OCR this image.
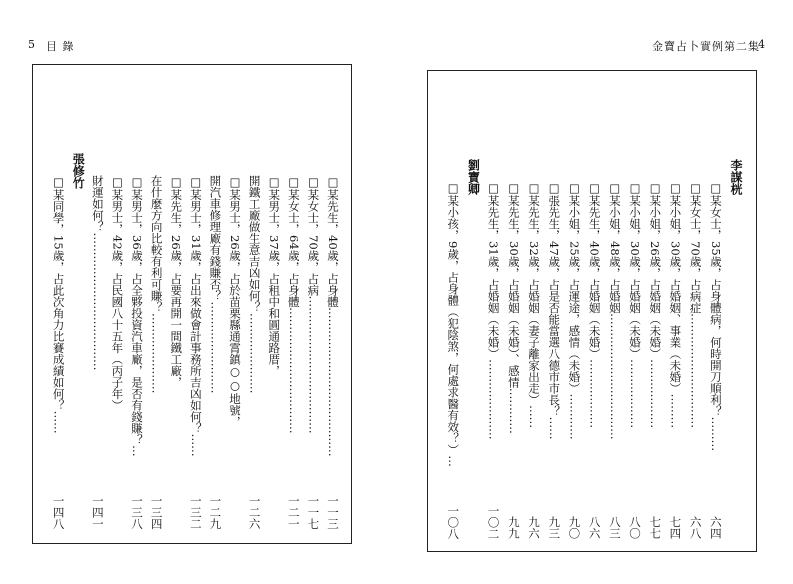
5 目 錄	金寶占卜實例第二集
4
□某先生，40歲，占身體…………………………………
一一三
□某女士，70歲，占病………………………………
一一七
□某女士，64歲，占身體……………………………
一二一
□某男士，37歲，占租中和圓通路厝，
開鐵工廠做生意吉凶如何？…………………
一二六
□某男士，26歲，占於苗栗縣通霄鎮○○地號，
開汽車修理廠有錢賺否？……………………
一二九
□某男士，31歲，占出來做會計事務所吉凶如何？……
一三二
□某先生，26歲，占要再開一間鐵工廠，
在什麼方向比較有利可賺？…………………
一三四
□某男士，36歲，占全夥投資汽車廠，是否有錢賺？…
一三八
□某男士，42歲，占民國八十五年（丙子年）
財運如何？………………………………
一四一
張修竹
□某同學，15歲，占此次角力比賽成績如何？……
一四八
李謀桄
□某女士，35歲，占身體病，何時開刀順利？………
六四
□某女士，70歲，占病症…………………………
六八
□某小姐，30歲，占婚姻、事業（未婚）………
七四
□某小姐，26歲，占婚姻（未婚）………………
七七
□某小姐，30歲，占婚姻（未婚）………………
八〇
□某小姐，48歲，占婚姻……………………………
八三
□某先生，40歲，占婚姻（未婚）………………
八六
□某小姐，25歲，占運途，感情（未婚）…………
九〇
□張先生，47歲，占是否能當選八德市市長？……
九三
□某先生，32歲，占婚姻（妻子離家出走）……
九六
□某先生，30歲，占婚姻（未婚）、感情…………
九九
□某先生，31歲，占婚姻（未婚）…………………
一〇二
劉寶卿
□某小孩，9歲，占身體（犯陰煞，何處求醫有效？）…
一〇八
